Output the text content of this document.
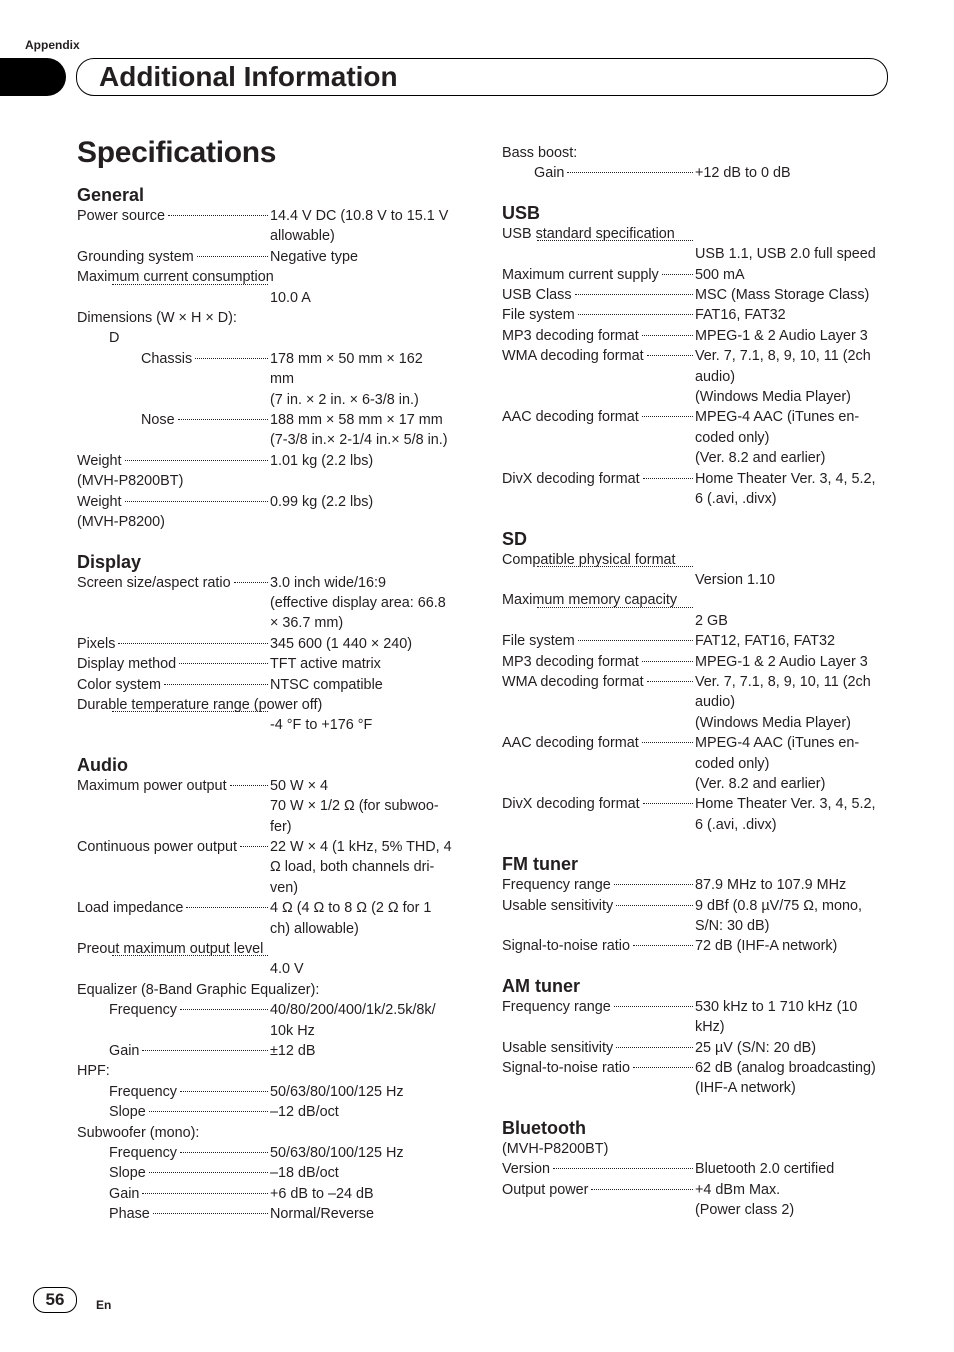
Appendix
Additional Information
Specifications
General
Power source	14.4 V DC (10.8 V to 15.1 V
allowable)
Grounding system	Negative type
Maximum current consumption
10.0 A
Dimensions (W × H × D):
D
Chassis	178 mm × 50 mm × 162
mm
(7 in. × 2 in. × 6-3/8 in.)
Nose	188 mm × 58 mm × 17 mm
(7-3/8 in.× 2-1/4 in.× 5/8 in.)
Weight	1.01 kg (2.2 lbs)
(MVH-P8200BT)
Weight	0.99 kg (2.2 lbs)
(MVH-P8200)
Display
Screen size/aspect ratio	3.0 inch wide/16:9
(effective display area: 66.8
× 36.7 mm)
Pixels	345 600 (1 440 × 240)
Display method	TFT active matrix
Color system	NTSC compatible
Durable temperature range (power off)
-4 °F to +176 °F
Audio
Maximum power output	50 W × 4
70 W × 1/2 Ω (for subwoo-
fer)
Continuous power output 22 W × 4 (1 kHz, 5% THD, 4
Ω load, both channels dri-
ven)
Load impedance	4 Ω (4 Ω to 8 Ω (2 Ω for 1
ch) allowable)
Preout maximum output level
4.0 V
Equalizer (8-Band Graphic Equalizer):
Frequency	40/80/200/400/1k/2.5k/8k/
10k Hz
Gain	±12 dB
HPF:
Frequency	50/63/80/100/125 Hz
Slope	–12 dB/oct
Subwoofer (mono):
Frequency	50/63/80/100/125 Hz
Slope	–18 dB/oct
Gain	+6 dB to –24 dB
Phase	Normal/Reverse
Bass boost:
Gain	+12 dB to 0 dB
USB
USB standard specification
USB 1.1, USB 2.0 full speed
Maximum current supply	500 mA
USB Class	MSC (Mass Storage Class)
File system	FAT16, FAT32
MP3 decoding format	MPEG-1 & 2 Audio Layer 3
WMA decoding format	Ver. 7, 7.1, 8, 9, 10, 11 (2ch
audio)
(Windows Media Player)
AAC decoding format	MPEG-4 AAC (iTunes en-
coded only)
(Ver. 8.2 and earlier)
DivX decoding format	Home Theater Ver. 3, 4, 5.2,
6 (.avi, .divx)
SD
Compatible physical format
Version 1.10
Maximum memory capacity
2 GB
File system	FAT12, FAT16, FAT32
MP3 decoding format	MPEG-1 & 2 Audio Layer 3
WMA decoding format	Ver. 7, 7.1, 8, 9, 10, 11 (2ch
audio)
(Windows Media Player)
AAC decoding format	MPEG-4 AAC (iTunes en-
coded only)
(Ver. 8.2 and earlier)
DivX decoding format	Home Theater Ver. 3, 4, 5.2,
6 (.avi, .divx)
FM tuner
Frequency range	87.9 MHz to 107.9 MHz
Usable sensitivity	9 dBf (0.8 µV/75 Ω, mono,
S/N: 30 dB)
Signal-to-noise ratio	72 dB (IHF-A network)
AM tuner
Frequency range	530 kHz to 1 710 kHz (10
kHz)
Usable sensitivity	25 µV (S/N: 20 dB)
Signal-to-noise ratio	62 dB (analog broadcasting)
(IHF-A network)
Bluetooth
(MVH-P8200BT)
Version	Bluetooth 2.0 certified
Output power	+4 dBm Max.
(Power class 2)
56	En
